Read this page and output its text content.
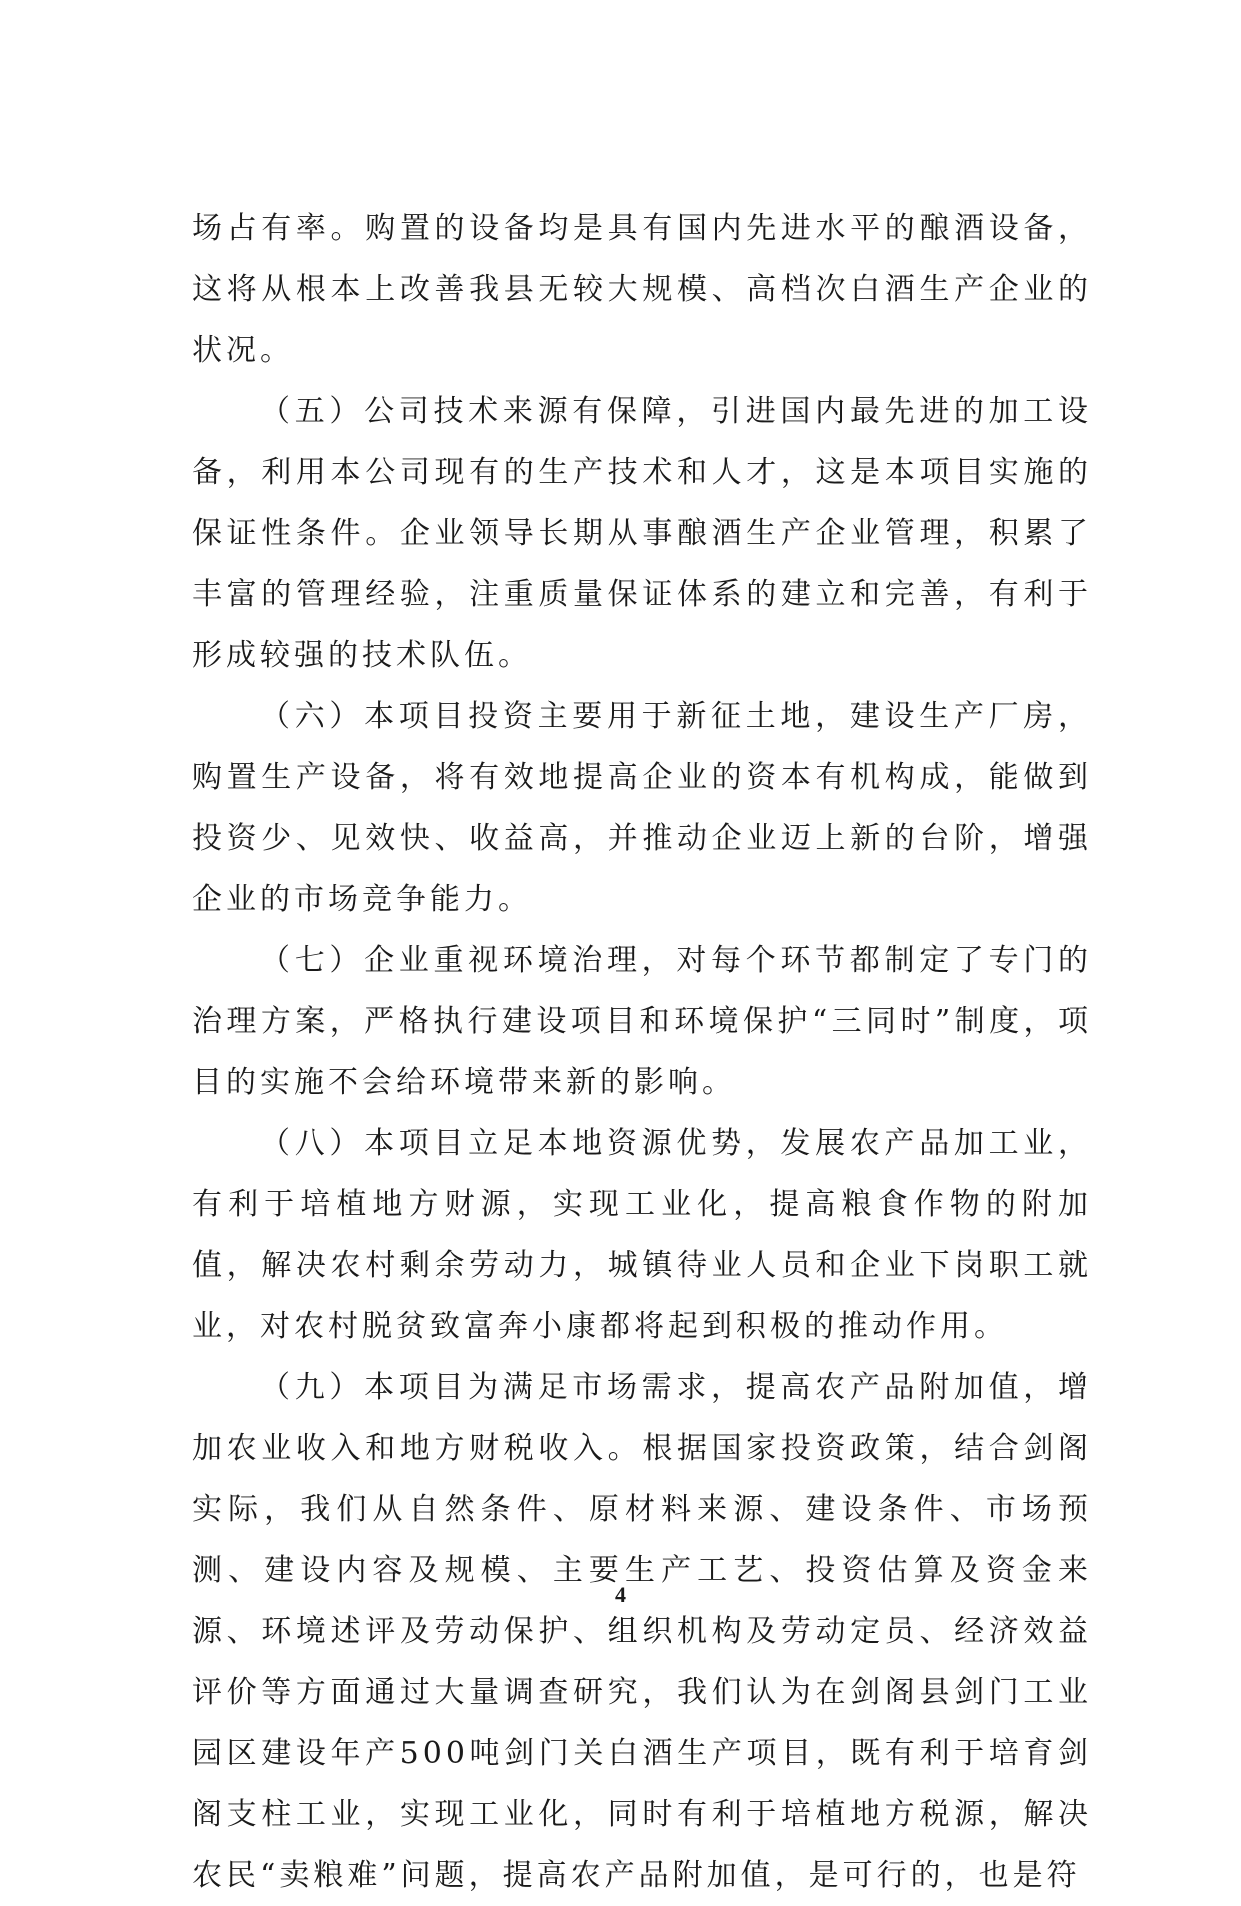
场占有率。购置的设备均是具有国内先进水平的酿酒设备，这将从根本上改善我县无较大规模、高档次白酒生产企业的状况。

（五）公司技术来源有保障，引进国内最先进的加工设备，利用本公司现有的生产技术和人才，这是本项目实施的保证性条件。企业领导长期从事酿酒生产企业管理，积累了丰富的管理经验，注重质量保证体系的建立和完善，有利于形成较强的技术队伍。

（六）本项目投资主要用于新征土地，建设生产厂房，购置生产设备，将有效地提高企业的资本有机构成，能做到投资少、见效快、收益高，并推动企业迈上新的台阶，增强企业的市场竞争能力。

（七）企业重视环境治理，对每个环节都制定了专门的治理方案，严格执行建设项目和环境保护“三同时”制度，项目的实施不会给环境带来新的影响。

（八）本项目立足本地资源优势，发展农产品加工业，有利于培植地方财源，实现工业化，提高粮食作物的附加值，解决农村剩余劳动力，城镇待业人员和企业下岗职工就业，对农村脱贫致富奔小康都将起到积极的推动作用。

（九）本项目为满足市场需求，提高农产品附加值，增加农业收入和地方财税收入。根据国家投资政策，结合剑阁实际，我们从自然条件、原材料来源、建设条件、市场预测、建设内容及规模、主要生产工艺、投资估算及资金来源、环境述评及劳动保护、组织机构及劳动定员、经济效益评价等方面通过大量调查研究，我们认为在剑阁县剑门工业园区建设年产500吨剑门关白酒生产项目，既有利于培育剑阁支柱工业，实现工业化，同时有利于培植地方税源，解决农民“卖粮难”问题，提高农产品附加值，是可行的，也是符

4
